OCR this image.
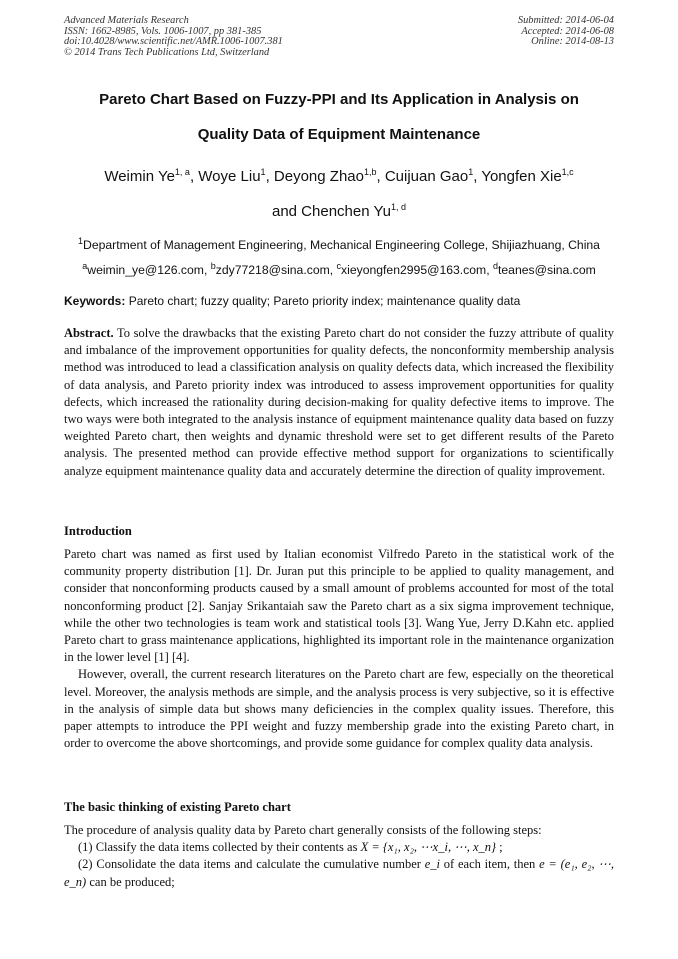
Advanced Materials Research
ISSN: 1662-8985, Vols. 1006-1007, pp 381-385
doi:10.4028/www.scientific.net/AMR.1006-1007.381
© 2014 Trans Tech Publications Ltd, Switzerland
Submitted: 2014-06-04
Accepted: 2014-06-08
Online: 2014-08-13
Pareto Chart Based on Fuzzy-PPI and Its Application in Analysis on
Quality Data of Equipment Maintenance
Weimin Ye$^{1, a}$, Woye Liu$^1$, Deyong Zhao$^{1,b}$, Cuijuan Gao$^1$, Yongfen Xie$^{1,c}$
and Chenchen Yu$^{1, d}$
$^1$Department of Management Engineering, Mechanical Engineering College, Shijiazhuang, China
$^a$weimin_ye@126.com, $^b$zdy77218@sina.com, $^c$xieyongfen2995@163.com, $^d$teanes@sina.com
Keywords: Pareto chart; fuzzy quality; Pareto priority index; maintenance quality data

Abstract. To solve the drawbacks that the existing Pareto chart do not consider the fuzzy attribute of quality and imbalance of the improvement opportunities for quality defects, the nonconformity membership analysis method was introduced to lead a classification analysis on quality defects data, which increased the flexibility of data analysis, and Pareto priority index was introduced to assess improvement opportunities for quality defects, which increased the rationality during decision-making for quality defective items to improve. The two ways were both integrated to the analysis instance of equipment maintenance quality data based on fuzzy weighted Pareto chart, then weights and dynamic threshold were set to get different results of the Pareto analysis. The presented method can provide effective method support for organizations to scientifically analyze equipment maintenance quality data and accurately determine the direction of quality improvement.

Introduction

Pareto chart was named as first used by Italian economist Vilfredo Pareto in the statistical work of the community property distribution [1]. Dr. Juran put this principle to be applied to quality management, and consider that nonconforming products caused by a small amount of problems accounted for most of the total nonconforming product [2]. Sanjay Srikantaiah saw the Pareto chart as a six sigma improvement technique, while the other two technologies is team work and statistical tools [3]. Wang Yue, Jerry D.Kahn etc. applied Pareto chart to grass maintenance applications, highlighted its important role in the maintenance organization in the lower level [1] [4].

However, overall, the current research literatures on the Pareto chart are few, especially on the theoretical level. Moreover, the analysis methods are simple, and the analysis process is very subjective, so it is effective in the analysis of simple data but shows many deficiencies in the complex quality issues. Therefore, this paper attempts to introduce the PPI weight and fuzzy membership grade into the existing Pareto chart, in order to overcome the above shortcomings, and provide some guidance for complex quality data analysis.

The basic thinking of existing Pareto chart

The procedure of analysis quality data by Pareto chart generally consists of the following steps:

(1) Classify the data items collected by their contents as X = {x₁, x₂, ⋯x_i, ⋯, x_n} ;

(2) Consolidate the data items and calculate the cumulative number e_i of each item, then e = (e₁, e₂, ⋯, e_n) can be produced;
